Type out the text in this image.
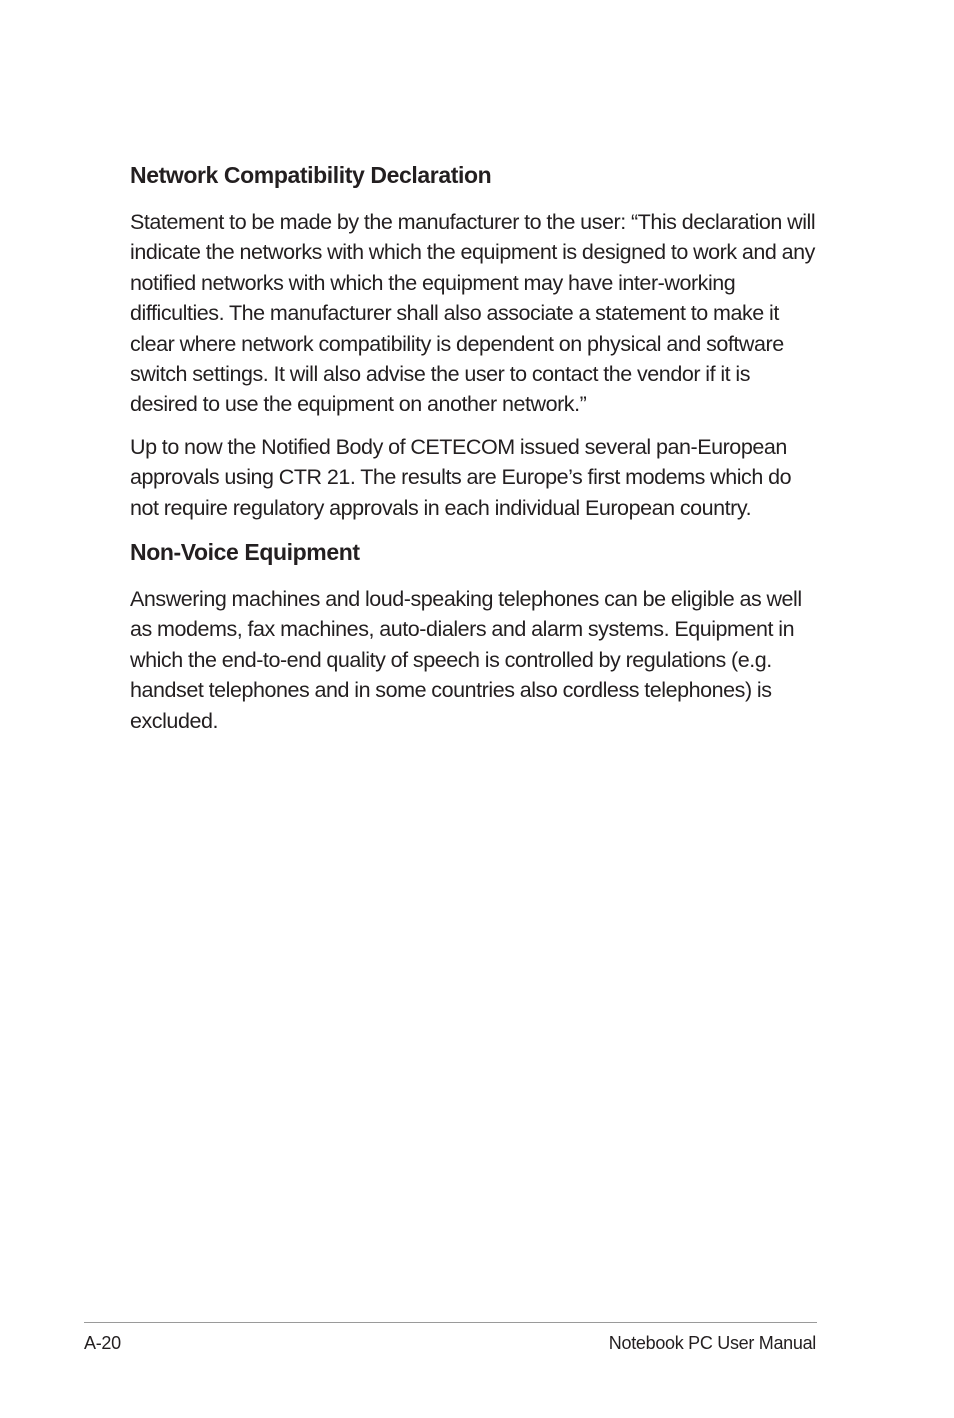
Network Compatibility Declaration

Statement to be made by the manufacturer to the user: “This declaration will indicate the networks with which the equipment is designed to work and any notified networks with which the equipment may have inter-working difficulties. The manufacturer shall also associate a statement to make it clear where network compatibility is dependent on physical and software switch settings. It will also advise the user to contact the vendor if it is desired to use the equipment on another network.”

Up to now the Notified Body of CETECOM issued several pan-European approvals using CTR 21. The results are Europe’s first modems which do not require regulatory approvals in each individual European country.

Non-Voice Equipment

Answering machines and loud-speaking telephones can be eligible as well as modems, fax machines, auto-dialers and alarm systems. Equipment in which the end-to-end quality of speech is controlled by regulations (e.g. handset telephones and in some countries also cordless telephones) is excluded.

A-20	Notebook PC User Manual
